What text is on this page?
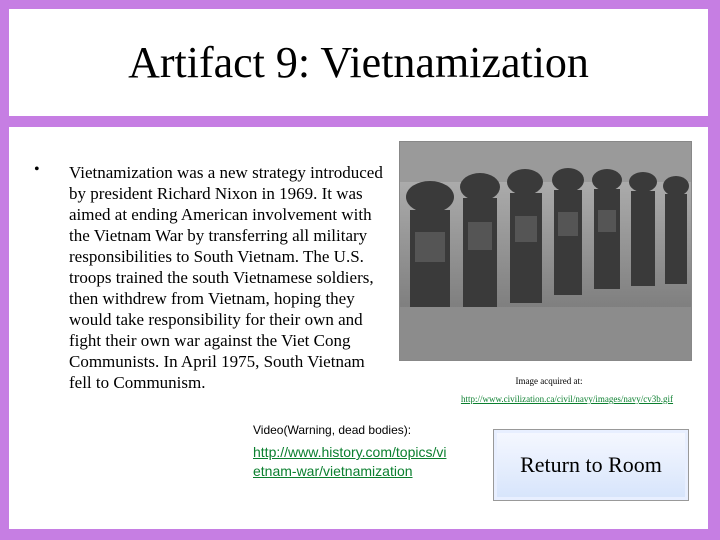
Artifact 9: Vietnamization
• Vietnamization was a new strategy introduced by president Richard Nixon in 1969. It was aimed at ending American involvement with the Vietnam War by transferring all military responsibilities to South Vietnam. The U.S. troops trained the south Vietnamese soldiers, then withdrew from Vietnam, hoping they would take responsibility for their own and fight their own war against the Viet Cong Communists. In April 1975, South Vietnam fell to Communism.	Image acquired at:
http://www.civilization.ca/civil/navy/images/navy/cv3b.gif
Video(Warning, dead bodies):
http://www.history.com/topics/vietnam-war/vietnamization	Return to Room
